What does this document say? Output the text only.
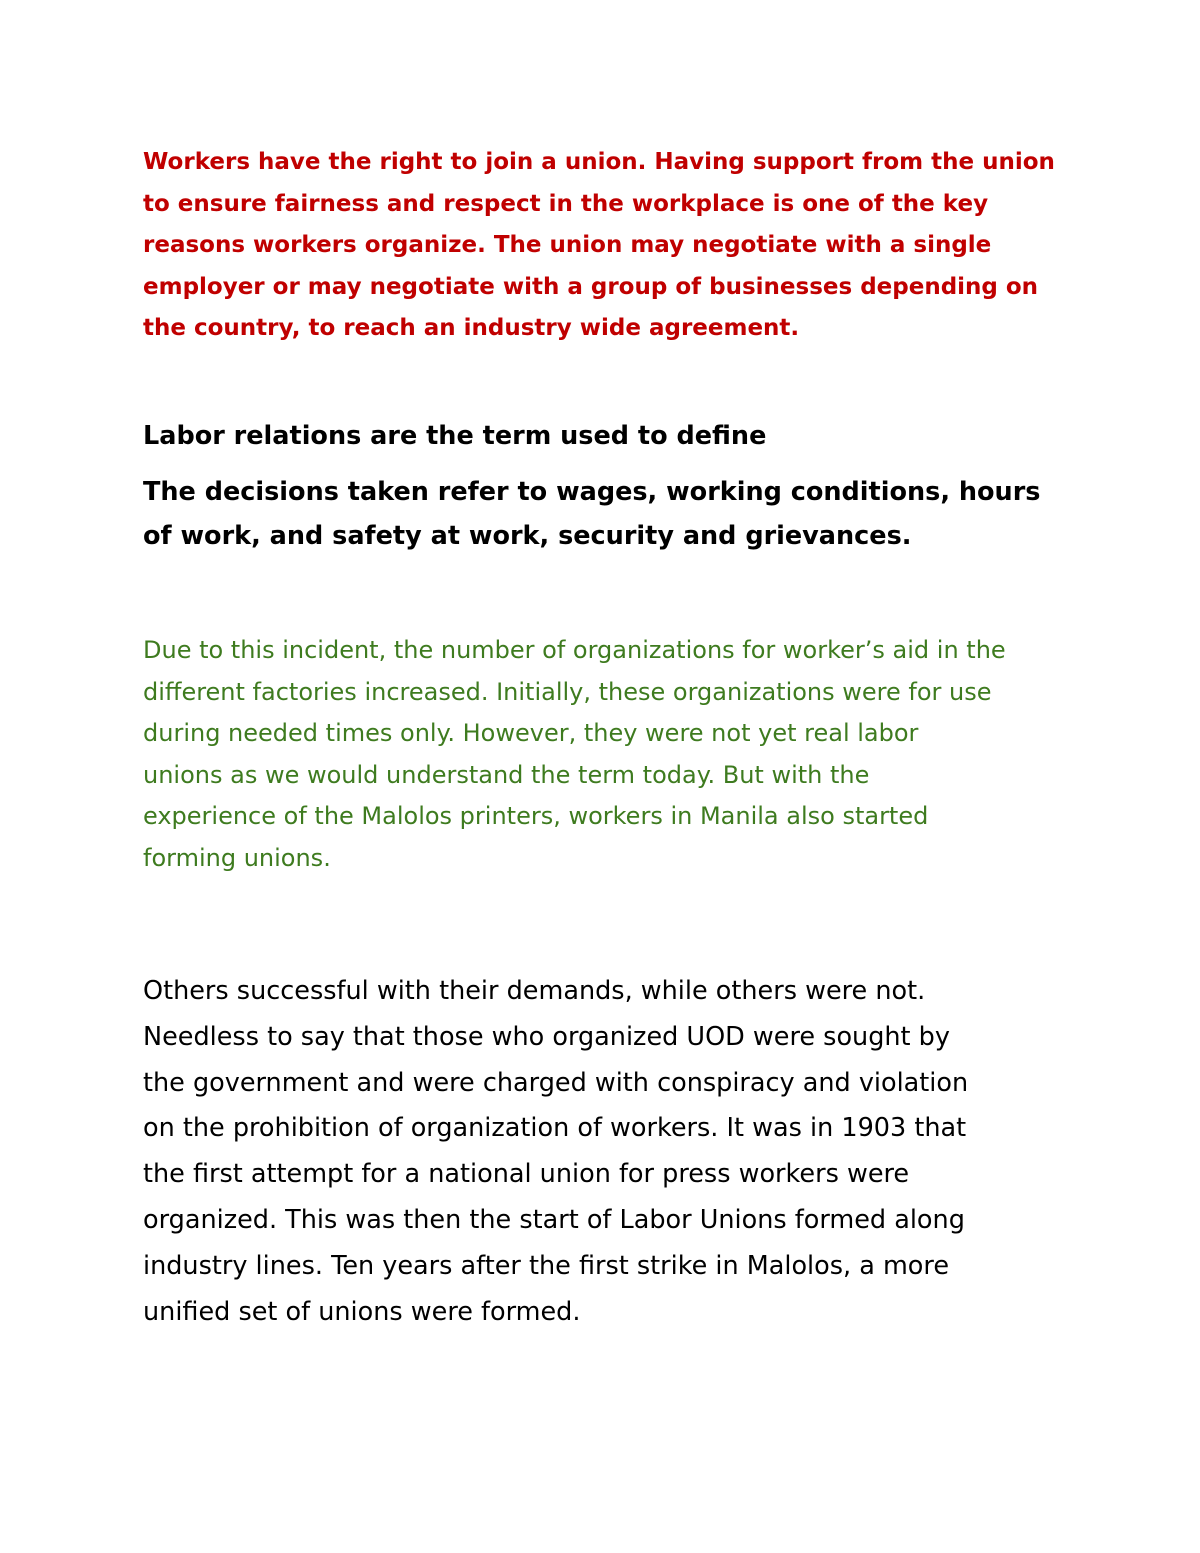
Workers have the right to join a union. Having support from the union
to ensure fairness and respect in the workplace is one of the key
reasons workers organize. The union may negotiate with a single
employer or may negotiate with a group of businesses depending on
the country, to reach an industry wide agreement.

Labor relations are the term used to define
The decisions taken refer to wages, working conditions, hours
of work, and safety at work, security and grievances.

Due to this incident, the number of organizations for worker’s aid in the
different factories increased. Initially, these organizations were for use
during needed times only. However, they were not yet real labor
unions as we would understand the term today. But with the
experience of the Malolos printers, workers in Manila also started
forming unions.

Others successful with their demands, while others were not.
Needless to say that those who organized UOD were sought by
the government and were charged with conspiracy and violation
on the prohibition of organization of workers. It was in 1903 that
the first attempt for a national union for press workers were
organized. This was then the start of Labor Unions formed along
industry lines. Ten years after the first strike in Malolos, a more
unified set of unions were formed.
